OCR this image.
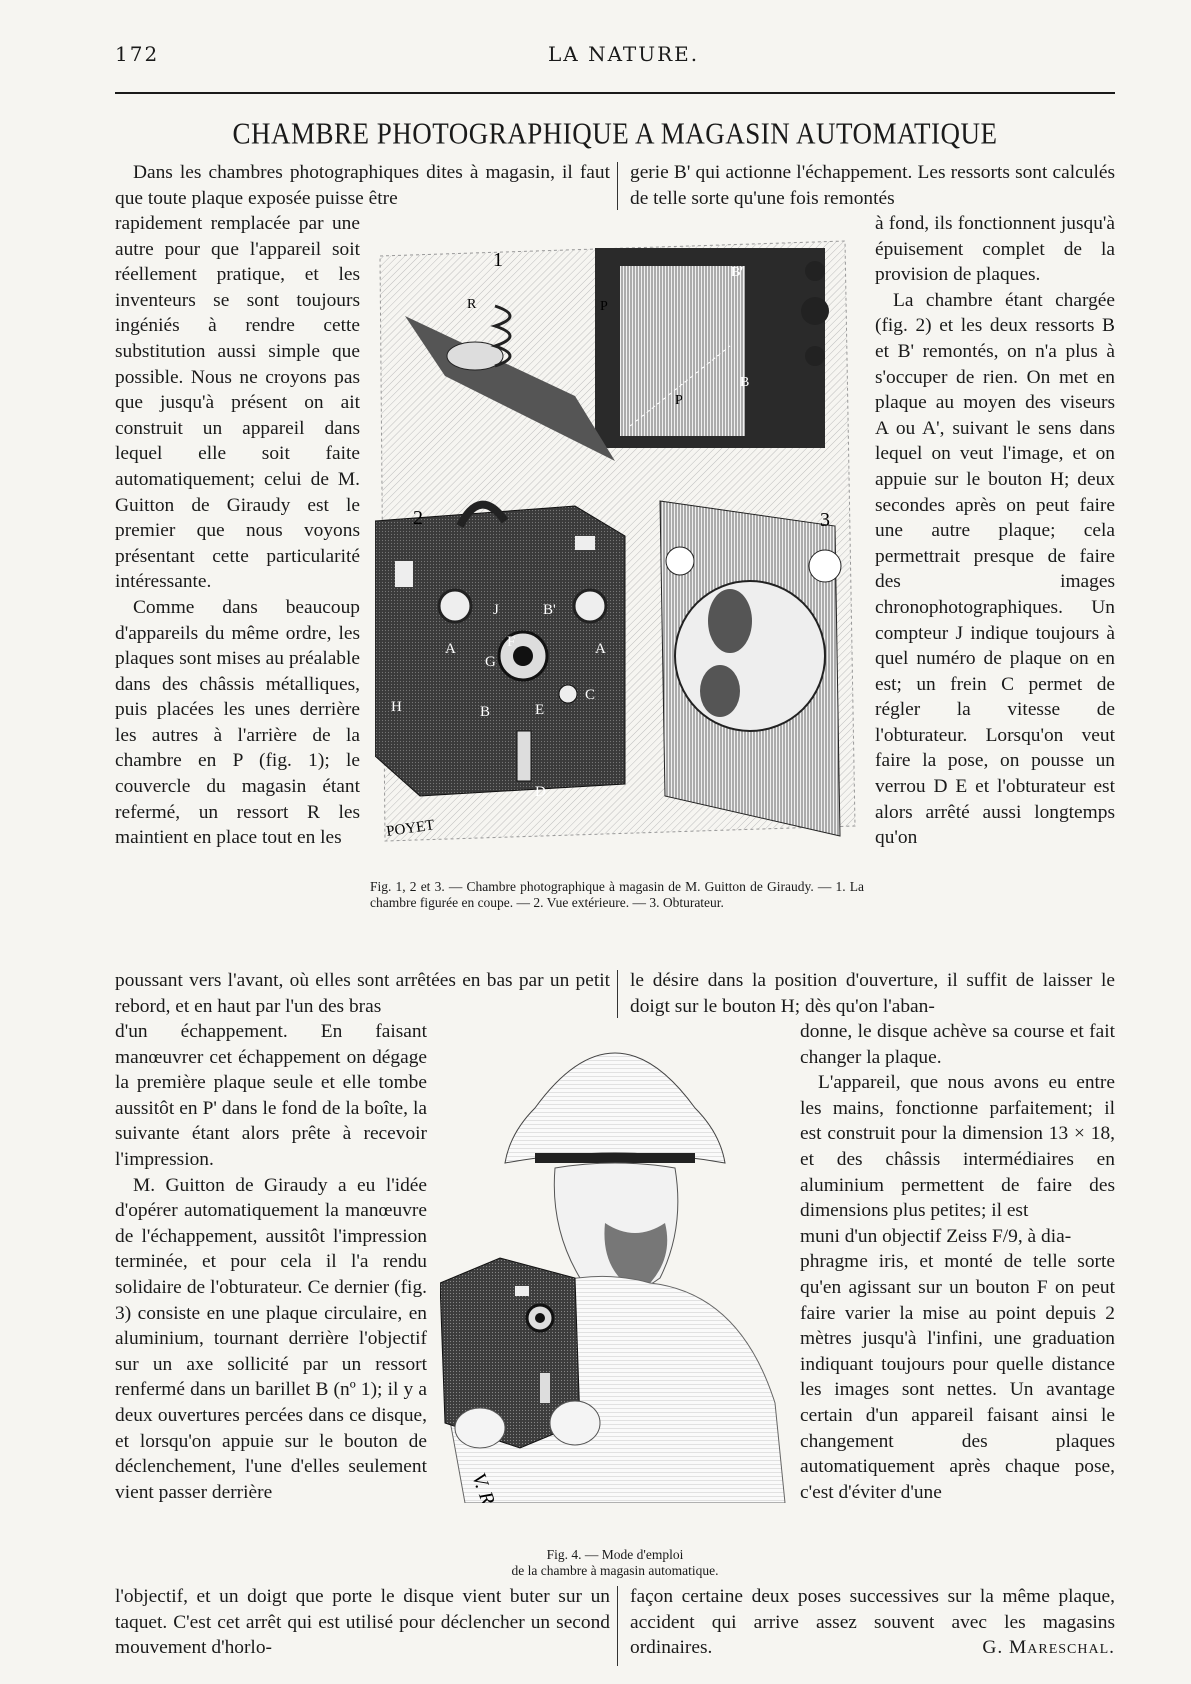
172	LA NATURE.
CHAMBRE PHOTOGRAPHIQUE A MAGASIN AUTOMATIQUE

Dans les chambres photographiques dites à magasin, il faut que toute plaque exposée puisse être

rapidement remplacée par une autre pour que l'appareil soit réellement pratique, et les inventeurs se sont toujours ingéniés à rendre cette substitution aussi simple que possible. Nous ne croyons pas que jusqu'à présent on ait construit un appareil dans lequel elle soit faite automatiquement; celui de M. Guitton de Giraudy est le premier que nous voyons présentant cette particularité intéressante.

Comme dans beaucoup d'appareils du même ordre, les plaques sont mises au préalable dans des châssis métalliques, puis placées les unes derrière les autres à l'arrière de la chambre en P (fig. 1); le couvercle du magasin étant refermé, un ressort R les maintient en place tout en les

poussant vers l'avant, où elles sont arrêtées en bas par un petit rebord, et en haut par l'un des bras

d'un échappement. En faisant manœuvrer cet échappement on dégage la première plaque seule et elle tombe aussitôt en P' dans le fond de la boîte, la suivante étant alors prête à recevoir l'impression.

M. Guitton de Giraudy a eu l'idée d'opérer automatiquement la manœuvre de l'échappement, aussitôt l'impression terminée, et pour cela il l'a rendu solidaire de l'obturateur. Ce dernier (fig. 3) consiste en une plaque circulaire, en aluminium, tournant derrière l'objectif sur un axe sollicité par un ressort renfermé dans un barillet B (nº 1); il y a deux ouvertures percées dans ce disque, et lorsqu'on appuie sur le bouton de déclenchement, l'une d'elles seulement vient passer derrière

l'objectif, et un doigt que porte le disque vient buter sur un taquet. C'est cet arrêt qui est utilisé pour déclencher un second mouvement d'horlo-

gerie B' qui actionne l'échappement. Les ressorts sont calculés de telle sorte qu'une fois remontés

à fond, ils fonctionnent jusqu'à épuisement complet de la provision de plaques.

La chambre étant chargée (fig. 2) et les deux ressorts B et B' remontés, on n'a plus à s'occuper de rien. On met en plaque au moyen des viseurs A ou A', suivant le sens dans lequel on veut l'image, et on appuie sur le bouton H; deux secondes après on peut faire une autre plaque; cela permettrait presque de faire des images chronophotographiques. Un compteur J indique toujours à quel numéro de plaque on en est; un frein C permet de régler la vitesse de l'obturateur. Lorsqu'on veut faire la pose, on pousse un verrou D E et l'obturateur est alors arrêté aussi longtemps qu'on

le désire dans la position d'ouverture, il suffit de laisser le doigt sur le bouton H; dès qu'on l'aban-

donne, le disque achève sa course et fait changer la plaque.

L'appareil, que nous avons eu entre les mains, fonctionne parfaitement; il est construit pour la dimension 13 × 18, et des châssis intermédiaires en aluminium permettent de faire des dimensions plus petites; il est

muni d'un objectif Zeiss F/9, à dia-

phragme iris, et monté de telle sorte qu'en agissant sur un bouton F on peut faire varier la mise au point depuis 2 mètres jusqu'à l'infini, une graduation indiquant toujours pour quelle distance les images sont nettes. Un avantage certain d'un appareil faisant ainsi le changement des plaques automatiquement après chaque pose, c'est d'éviter d'une

façon certaine deux poses successives sur la même plaque, accident qui arrive assez souvent avec les magasins ordinaires.	G. Mareschal.
1
R	P
P
B'
B
2
A	A
J	B'
G
F
B	E
C
D
H
3
POYET
Fig. 1, 2 et 3. — Chambre photographique à magasin de M. Guitton de Giraudy. — 1. La chambre figurée en coupe. — 2. Vue extérieure. — 3. Obturateur.
V. Rose
Fig. 4. — Mode d'emploi
de la chambre à magasin automatique.
